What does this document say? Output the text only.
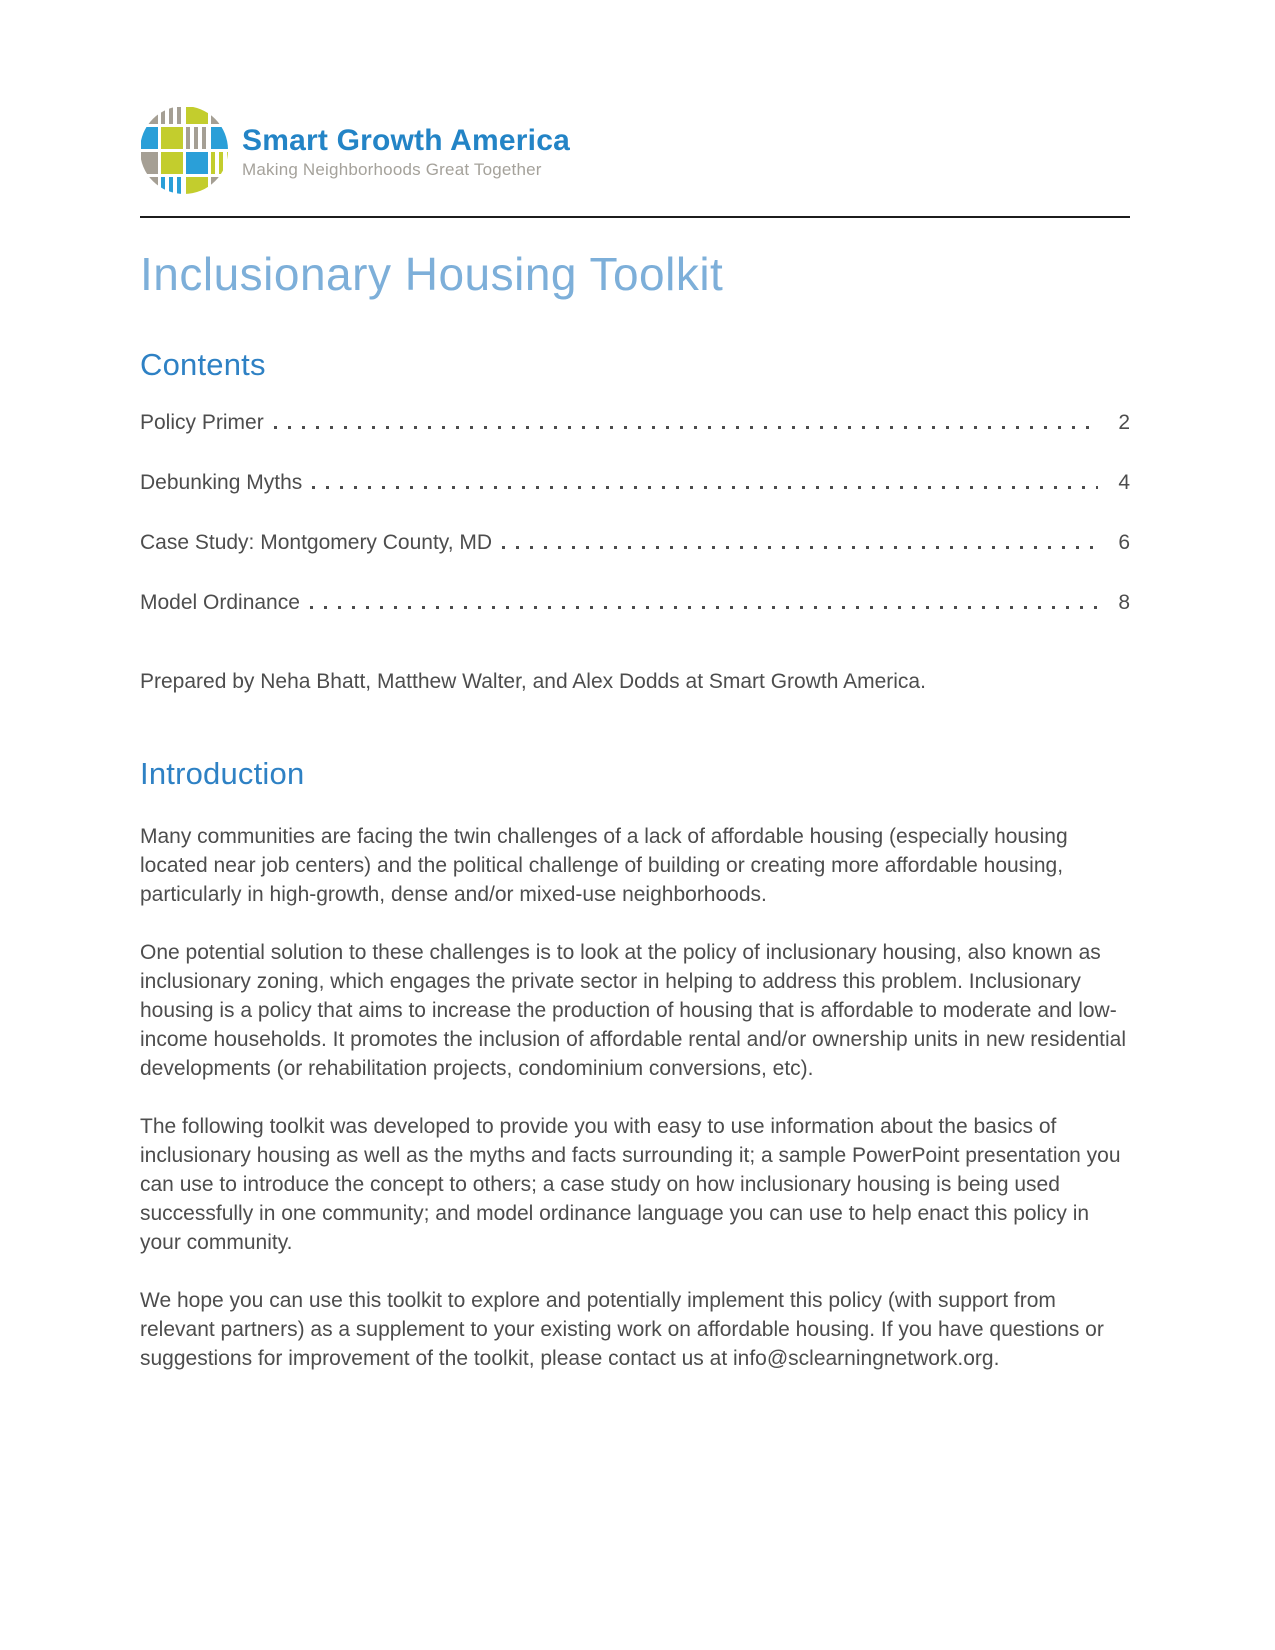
Smart Growth America
Making Neighborhoods Great Together
Inclusionary Housing Toolkit
Contents
Policy Primer	2
Debunking Myths	4
Case Study: Montgomery County, MD	6
Model Ordinance	8

Prepared by Neha Bhatt, Matthew Walter, and Alex Dodds at Smart Growth America.

Introduction

Many communities are facing the twin challenges of a lack of affordable housing (especially housing located near job centers) and the political challenge of building or creating more affordable housing, particularly in high-growth, dense and/or mixed-use neighborhoods.

One potential solution to these challenges is to look at the policy of inclusionary housing, also known as inclusionary zoning, which engages the private sector in helping to address this problem. Inclusionary housing is a policy that aims to increase the production of housing that is affordable to moderate and low-income households. It promotes the inclusion of affordable rental and/or ownership units in new residential developments (or rehabilitation projects, condominium conversions, etc).

The following toolkit was developed to provide you with easy to use information about the basics of inclusionary housing as well as the myths and facts surrounding it; a sample PowerPoint presentation you can use to introduce the concept to others; a case study on how inclusionary housing is being used successfully in one community; and model ordinance language you can use to help enact this policy in your community.

We hope you can use this toolkit to explore and potentially implement this policy (with support from relevant partners) as a supplement to your existing work on affordable housing. If you have questions or suggestions for improvement of the toolkit, please contact us at info@sclearningnetwork.org.
